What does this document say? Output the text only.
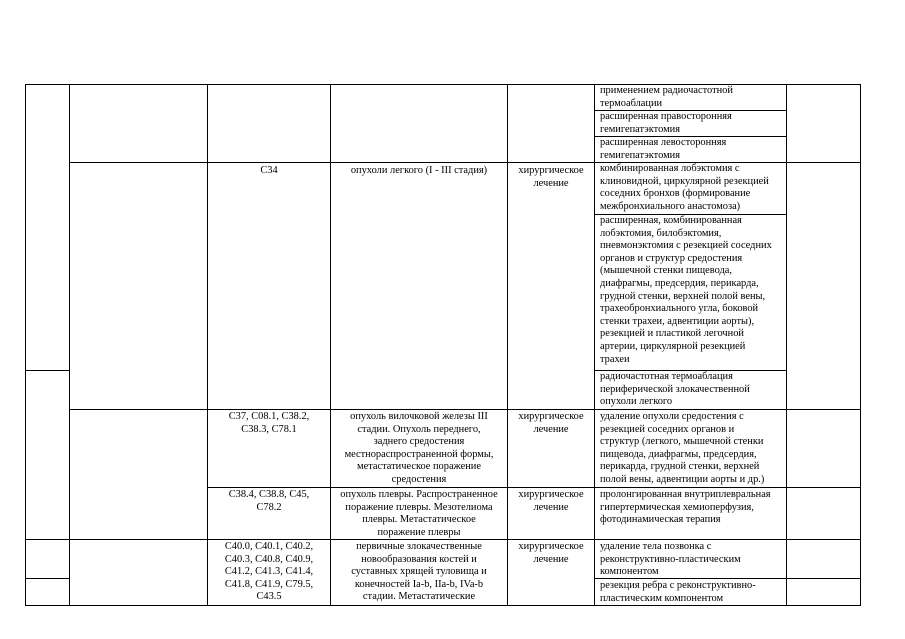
применением радиочастотной
термоаблации
расширенная правосторонняя
гемигепатэктомия
расширенная левосторонняя
гемигепатэктомия
комбинированная лобэктомия с
клиновидной, циркулярной резекцией
соседних бронхов (формирование
межбронхиального анастомоза)
расширенная, комбинированная
лобэктомия, билобэктомия,
пневмонэктомия с резекцией соседних
органов и структур средостения
(мышечной стенки пищевода,
диафрагмы, предсердия, перикарда,
грудной стенки, верхней полой вены,
трахеобронхиального угла, боковой
стенки трахеи, адвентиции аорты),
резекцией и пластикой легочной
артерии, циркулярной резекцией
трахеи
радиочастотная термоаблация
периферической злокачественной
опухоли легкого
C34	опухоли легкого (I - III стадия)	хирургическое
лечение
C37, C08.1, C38.2,
C38.3, C78.1
опухоль вилочковой железы III
стадии. Опухоль переднего,
заднего средостения
местнораспространенной формы,
метастатическое поражение
средостения
хирургическое
лечение
удаление опухоли средостения с
резекцией соседних органов и
структур (легкого, мышечной стенки
пищевода, диафрагмы, предсердия,
перикарда, грудной стенки, верхней
полой вены, адвентиции аорты и др.)
C38.4, C38.8, C45,
C78.2
опухоль плевры. Распространенное
поражение плевры. Мезотелиома
плевры. Метастатическое
поражение плевры
хирургическое
лечение
пролонгированная внутриплевральная
гипертермическая хемиоперфузия,
фотодинамическая терапия
C40.0, C40.1, C40.2,
C40.3, C40.8, C40.9,
C41.2, C41.3, C41.4,
C41.8, C41.9, C79.5,
C43.5
первичные злокачественные
новообразования костей и
суставных хрящей туловища и
конечностей Ia-b, IIa-b, IVa-b
стадии. Метастатические
хирургическое
лечение
удаление тела позвонка с
реконструктивно-пластическим
компонентом
резекция ребра с реконструктивно-
пластическим компонентом
